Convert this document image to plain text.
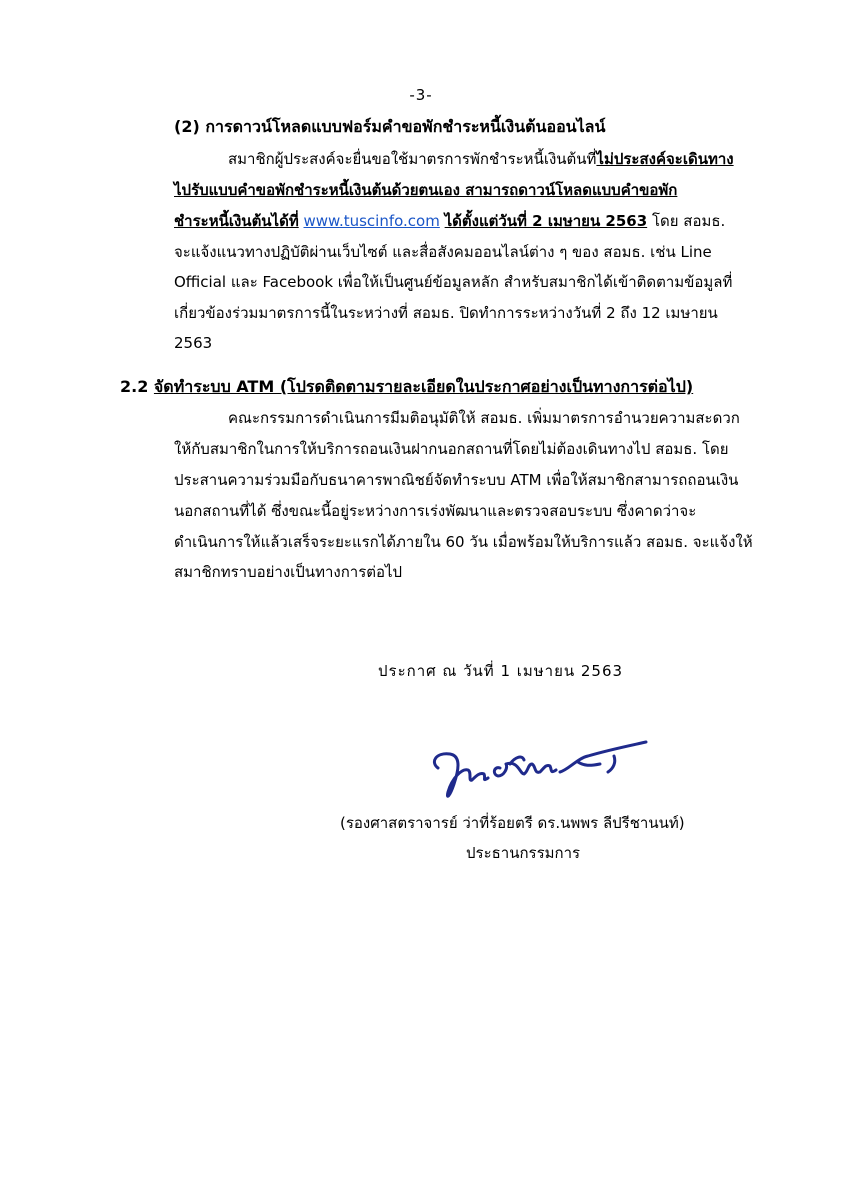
-3-
(2) การดาวน์โหลดแบบฟอร์มคำขอพักชำระหนี้เงินต้นออนไลน์
สมาชิกผู้ประสงค์จะยื่นขอใช้มาตรการพักชำระหนี้เงินต้นที่ไม่ประสงค์จะเดินทาง
ไปรับแบบคำขอพักชำระหนี้เงินต้นด้วยตนเอง สามารถดาวน์โหลดแบบคำขอพัก
ชำระหนี้เงินต้นได้ที่ www.tuscinfo.com ได้ตั้งแต่วันที่ 2 เมษายน 2563 โดย สอมธ.
จะแจ้งแนวทางปฏิบัติผ่านเว็บไซต์ และสื่อสังคมออนไลน์ต่าง ๆ ของ สอมธ. เช่น Line
Official และ Facebook เพื่อให้เป็นศูนย์ข้อมูลหลัก สำหรับสมาชิกได้เข้าติดตามข้อมูลที่
เกี่ยวข้องร่วมมาตรการนี้ในระหว่างที่ สอมธ. ปิดทำการระหว่างวันที่ 2 ถึง 12 เมษายน
2563
2.2 จัดทำระบบ ATM (โปรดติดตามรายละเอียดในประกาศอย่างเป็นทางการต่อไป)
คณะกรรมการดำเนินการมีมติอนุมัติให้ สอมธ. เพิ่มมาตรการอำนวยความสะดวก
ให้กับสมาชิกในการให้บริการถอนเงินฝากนอกสถานที่โดยไม่ต้องเดินทางไป สอมธ. โดย
ประสานความร่วมมือกับธนาคารพาณิชย์จัดทำระบบ ATM เพื่อให้สมาชิกสามารถถอนเงิน
นอกสถานที่ได้ ซึ่งขณะนี้อยู่ระหว่างการเร่งพัฒนาและตรวจสอบระบบ ซึ่งคาดว่าจะ
ดำเนินการให้แล้วเสร็จระยะแรกได้ภายใน 60 วัน เมื่อพร้อมให้บริการแล้ว สอมธ. จะแจ้งให้
สมาชิกทราบอย่างเป็นทางการต่อไป
ประกาศ ณ วันที่ 1 เมษายน 2563
(รองศาสตราจารย์ ว่าที่ร้อยตรี ดร.นพพร ลีปรีชานนท์)
ประธานกรรมการ
